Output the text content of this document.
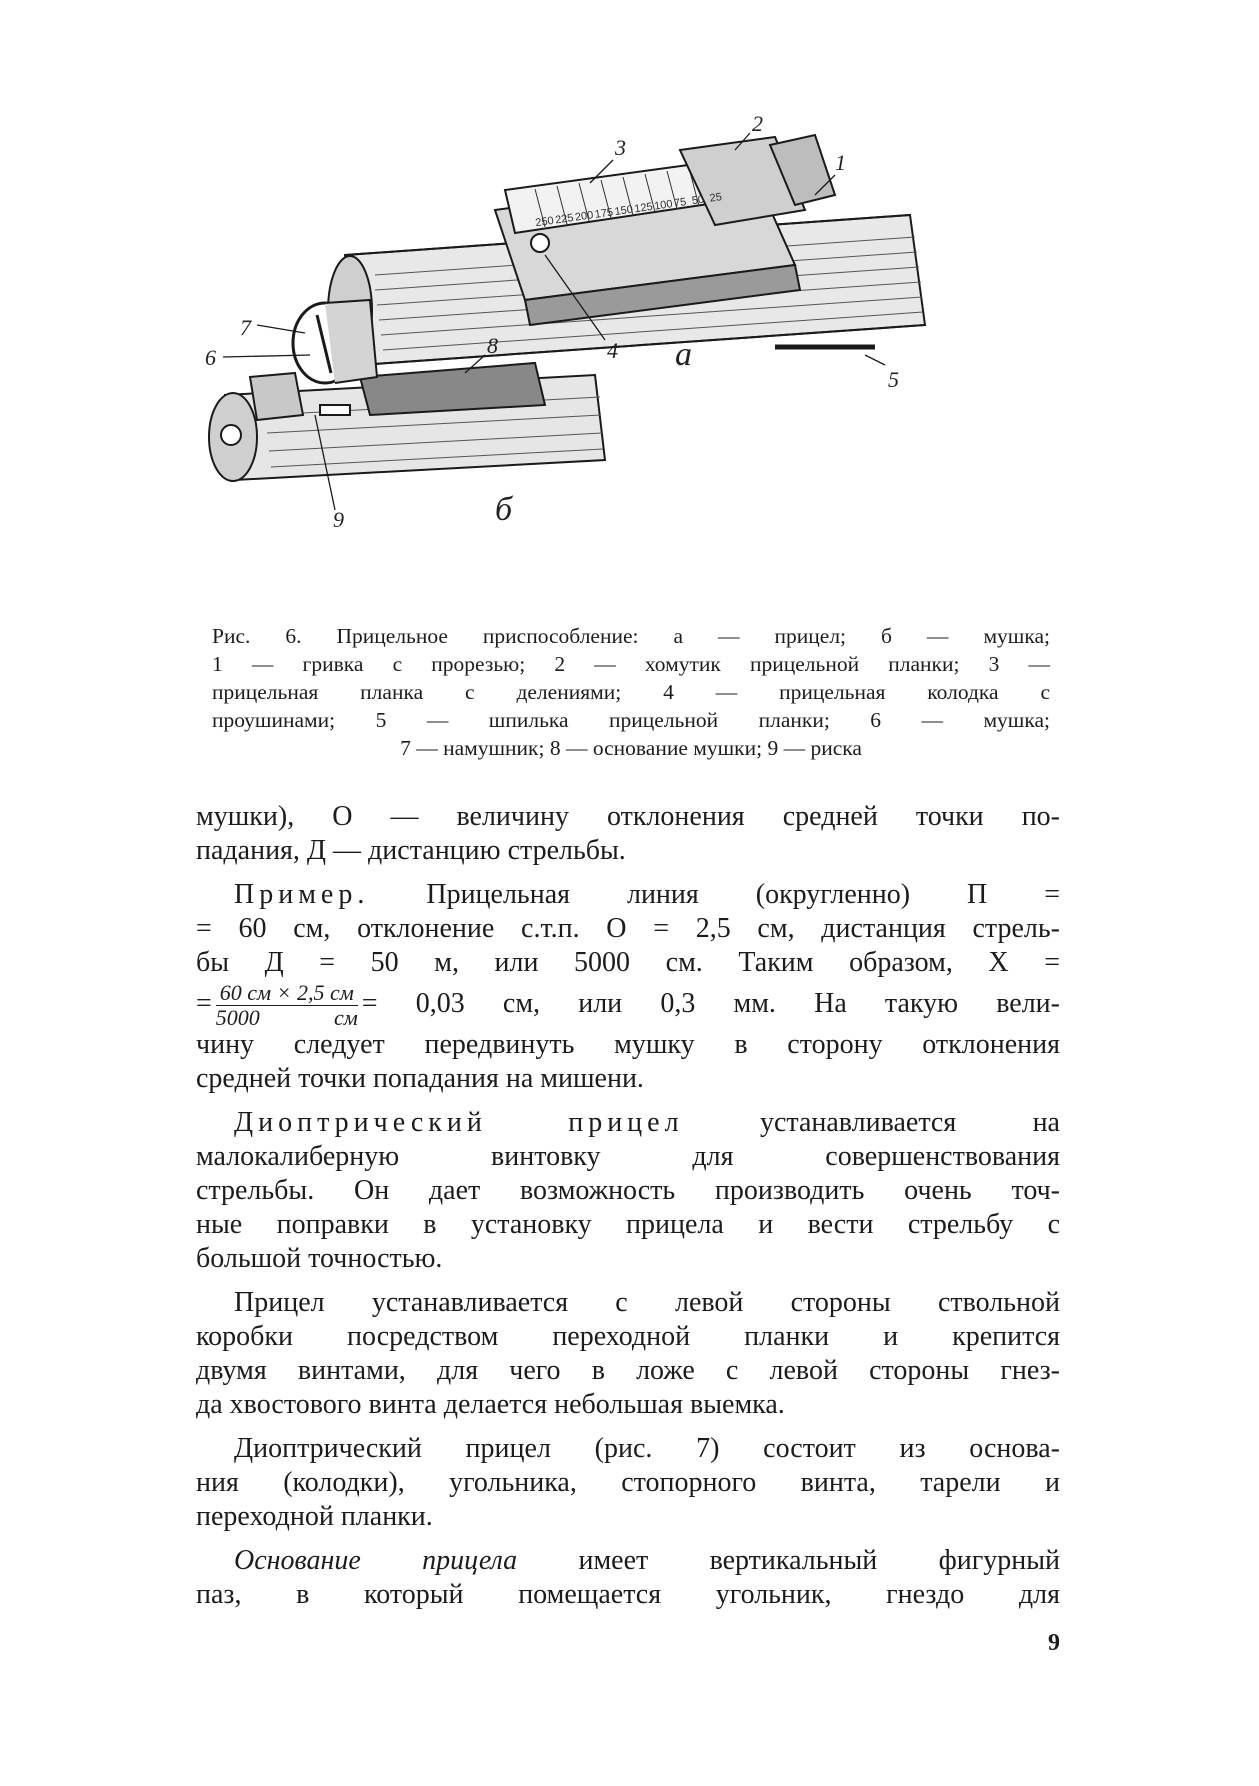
1
2
3
4
5
6
7
8
9
а
б
250 225 200 175 150 125 100 75 50 25
Рис. 6. Прицельное приспособление: а — прицел; б — мушка;
1 — гривка с прорезью; 2 — хомутик прицельной планки; 3 —
прицельная планка с делениями; 4 — прицельная колодка с
проушинами; 5 — шпилька прицельной планки; 6 — мушка;
7 — намушник; 8 — основание мушки; 9 — риска
мушки), О — величину отклонения средней точки по-
падания, Д — дистанцию стрельбы.
Пример. Прицельная линия (округленно) П =
= 60 см, отклонение с.т.п. О = 2,5 см, дистанция стрель-
бы Д = 50 м, или 5000 см. Таким образом, Х =
= $\frac{60 см \times 2,5 см}{5000 см} = 0,03$ см, или 0,3 мм. На такую вели-
чину следует передвинуть мушку в сторону отклонения
средней точки попадания на мишени.
Диоптрический прицел	устанавливается на
малокалиберную винтовку для совершенствования
стрельбы. Он дает возможность производить очень точ-
ные поправки в установку прицела и вести стрельбу с
большой точностью.
Прицел устанавливается с левой стороны ствольной
коробки посредством переходной планки и крепится
двумя винтами, для чего в ложе с левой стороны гнез-
да хвостового винта делается небольшая выемка.
Диоптрический прицел (рис. 7) состоит из основа-
ния (колодки), угольника, стопорного винта, тарели и
переходной планки.
Основание прицела имеет вертикальный фигурный
паз, в который помещается угольник, гнездо для
9
